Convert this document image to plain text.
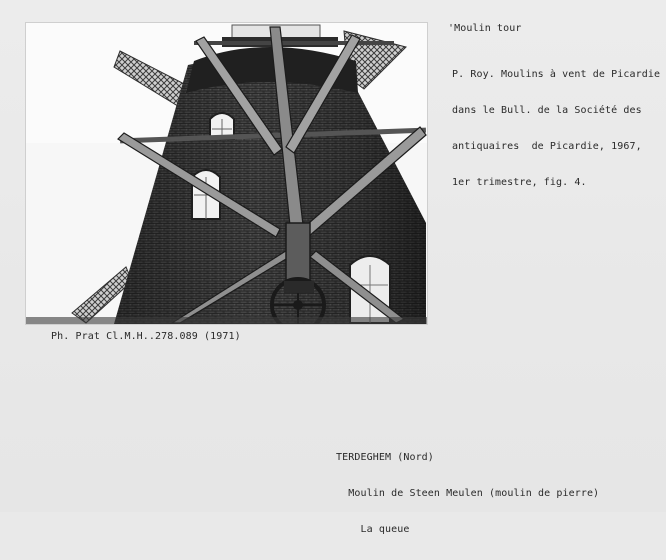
'Moulin tour

P. Roy. Moulins à vent de Picardie

dans le Bull. de la Société des

antiquaires  de Picardie, 1967,

1er trimestre, fig. 4.

Ph. Prat Cl.M.H..278.089 (1971)

TERDEGHEM (Nord)

Moulin de Steen Meulen (moulin de pierre)

La queue
